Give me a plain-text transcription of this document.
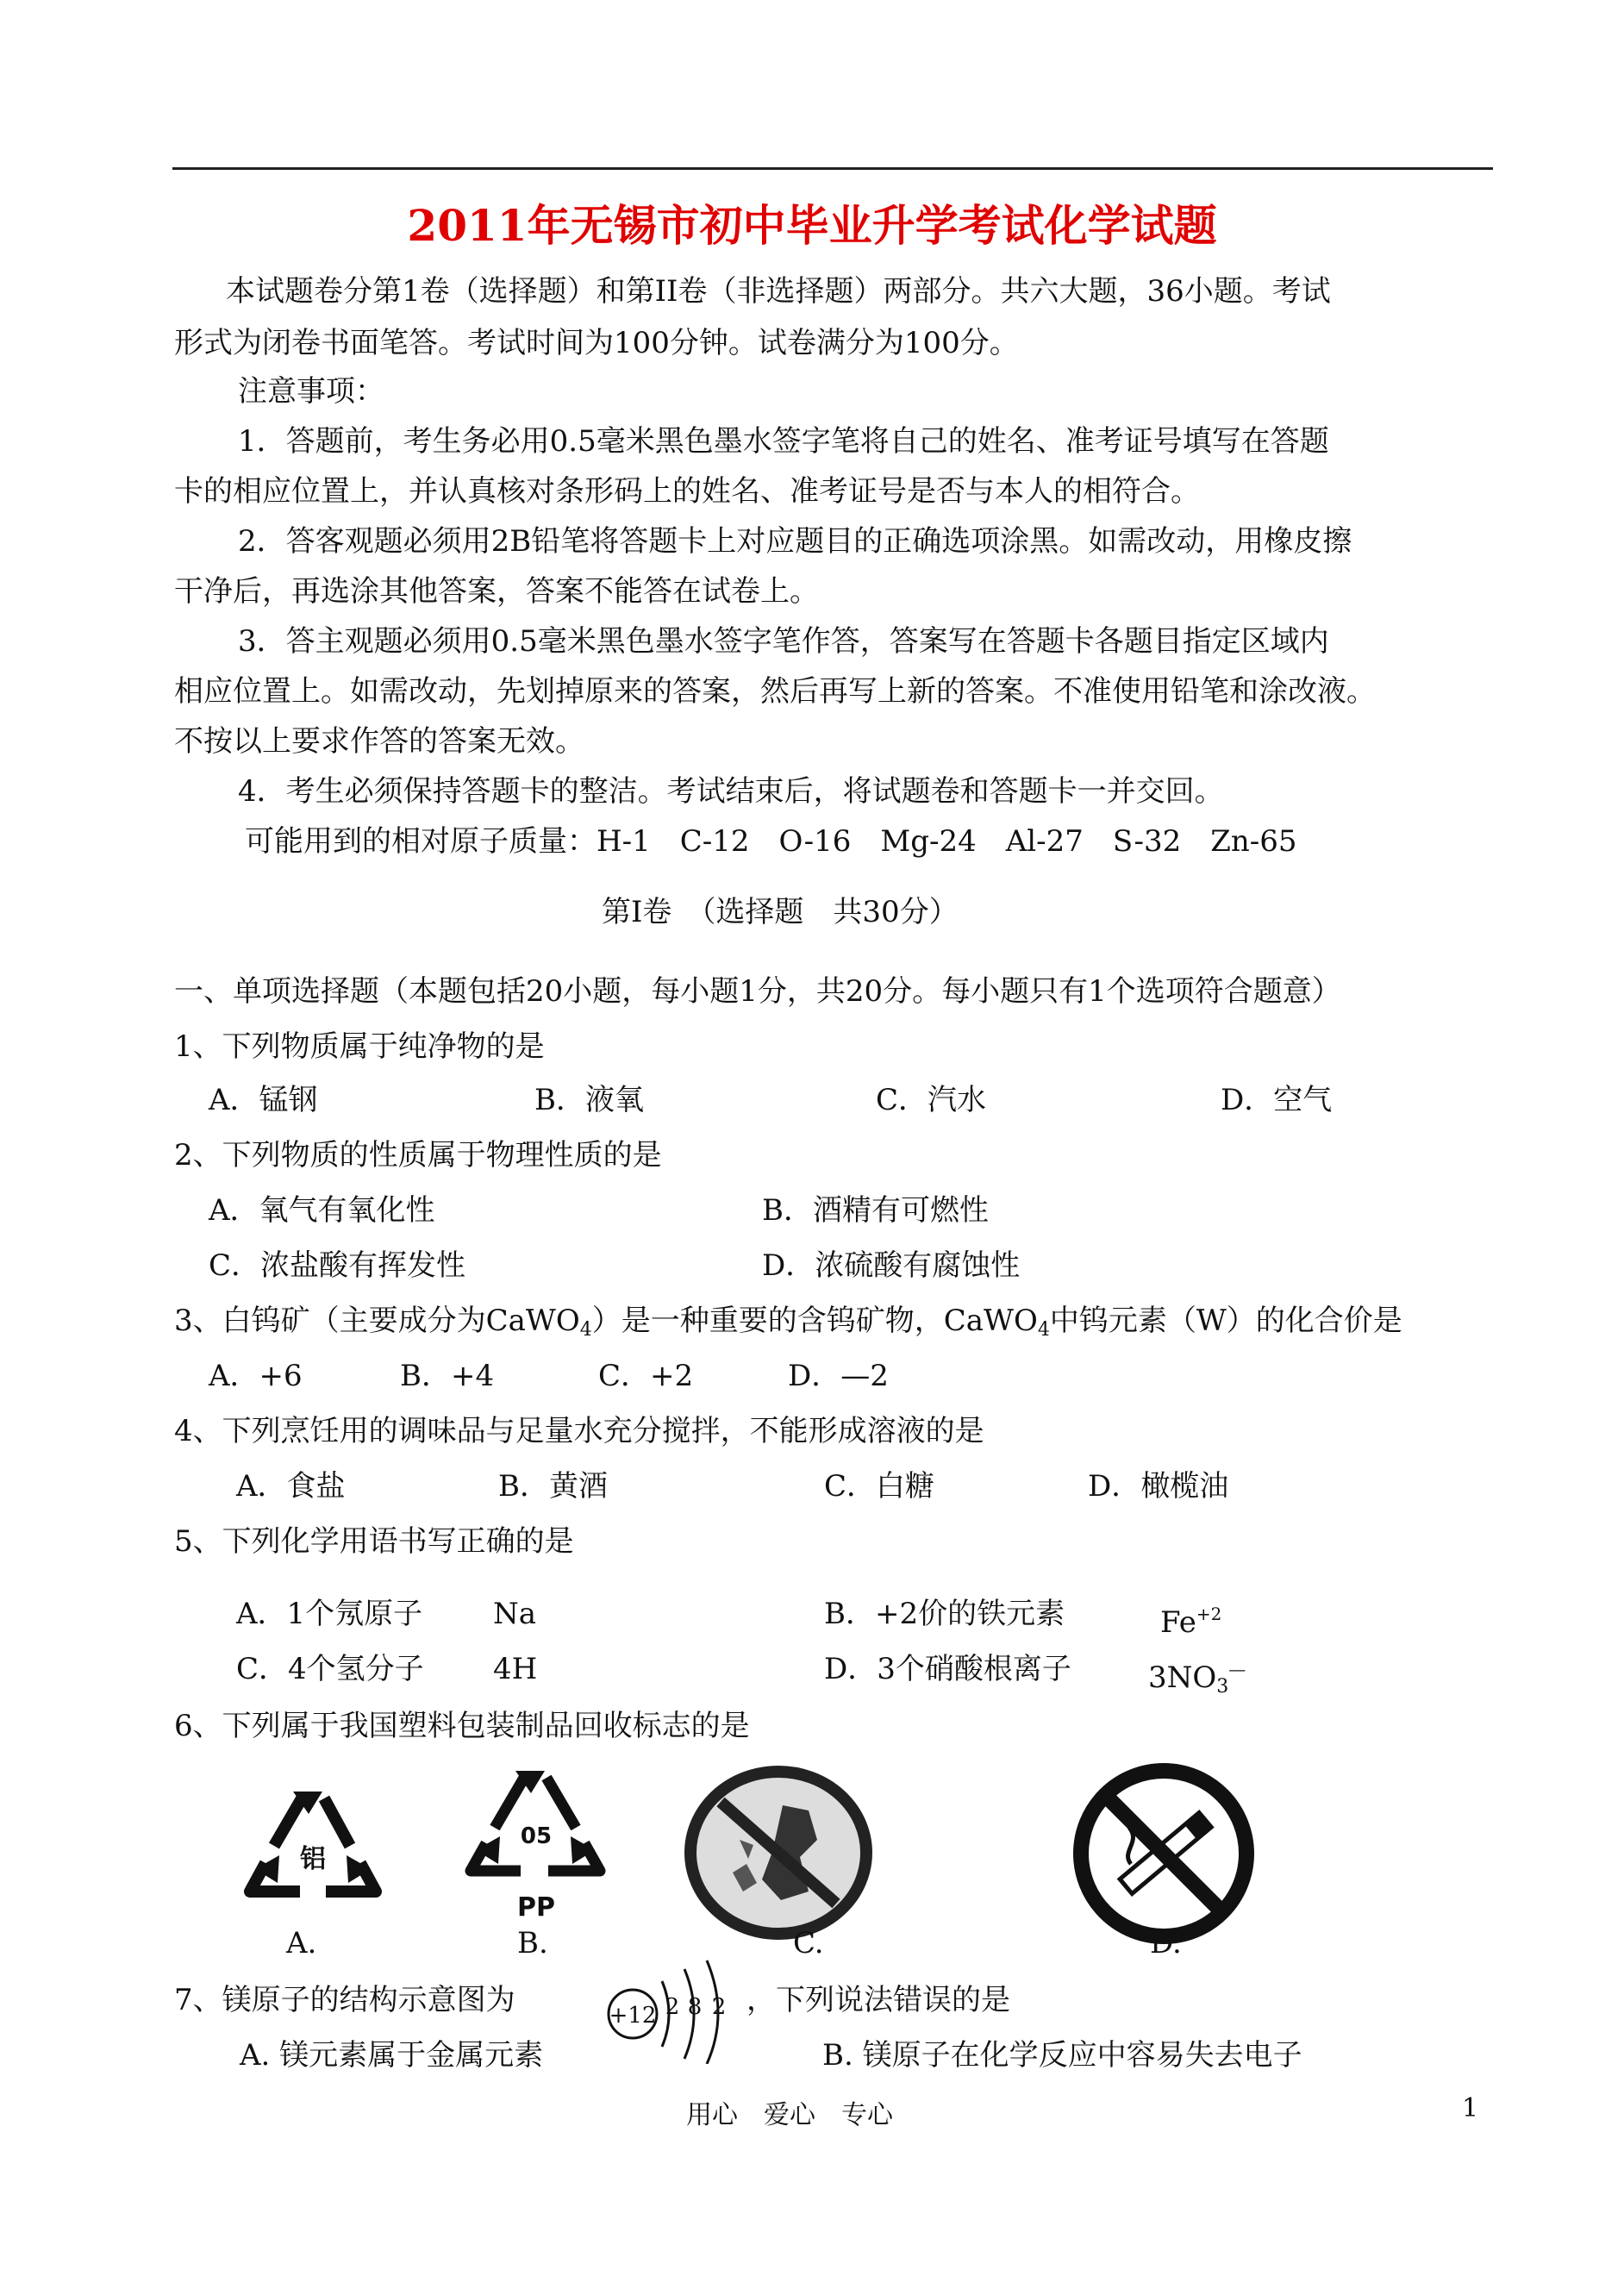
2011年无锡市初中毕业升学考试化学试题
本试题卷分第1卷（选择题）和第II卷（非选择题）两部分。共六大题，36小题。考试
形式为闭卷书面笔答。考试时间为100分钟。试卷满分为100分。
注意事项：
1．答题前，考生务必用0.5毫米黑色墨水签字笔将自己的姓名、准考证号填写在答题
卡的相应位置上，并认真核对条形码上的姓名、准考证号是否与本人的相符合。
2．答客观题必须用2B铅笔将答题卡上对应题目的正确选项涂黑。如需改动，用橡皮擦
干净后，再选涂其他答案，答案不能答在试卷上。
3．答主观题必须用0.5毫米黑色墨水签字笔作答，答案写在答题卡各题目指定区域内
相应位置上。如需改动，先划掉原来的答案，然后再写上新的答案。不准使用铅笔和涂改液。
不按以上要求作答的答案无效。
4．考生必须保持答题卡的整洁。考试结束后，将试题卷和答题卡一并交回。
可能用到的相对原子质量：H-1　C-12　O-16　Mg-24　Al-27　S-32　Zn-65
第Ⅰ卷　（选择题　共30分）
一、单项选择题（本题包括20小题，每小题1分，共20分。每小题只有1个选项符合题意）
1、下列物质属于纯净物的是
A．锰钢	B．液氧	C．汽水	D．空气
2、下列物质的性质属于物理性质的是
A．氧气有氧化性	B．酒精有可燃性
C．浓盐酸有挥发性	D．浓硫酸有腐蚀性
3、白钨矿（主要成分为CaWO$_4$）是一种重要的含钨矿物，CaWO$_4$中钨元素（W）的化合价是
A．+6	B．+4	C．+2	D．—2
4、下列烹饪用的调味品与足量水充分搅拌，不能形成溶液的是
A．食盐	B．黄酒	C．白糖	D．橄榄油
5、下列化学用语书写正确的是
A．1个氖原子 Na	B．+2价的铁元素	$Fe^{+2}$
C．4个氢分子 4H	D．3个硝酸根离子	$3NO_3^—$
6、下列属于我国塑料包装制品回收标志的是
铝
05
PP
A.	B.	C.	D.
7、镁原子的结构示意图为	+12 2 8 2 ，下列说法错误的是
A. 镁元素属于金属元素	B. 镁原子在化学反应中容易失去电子
用心　爱心　专心	1
